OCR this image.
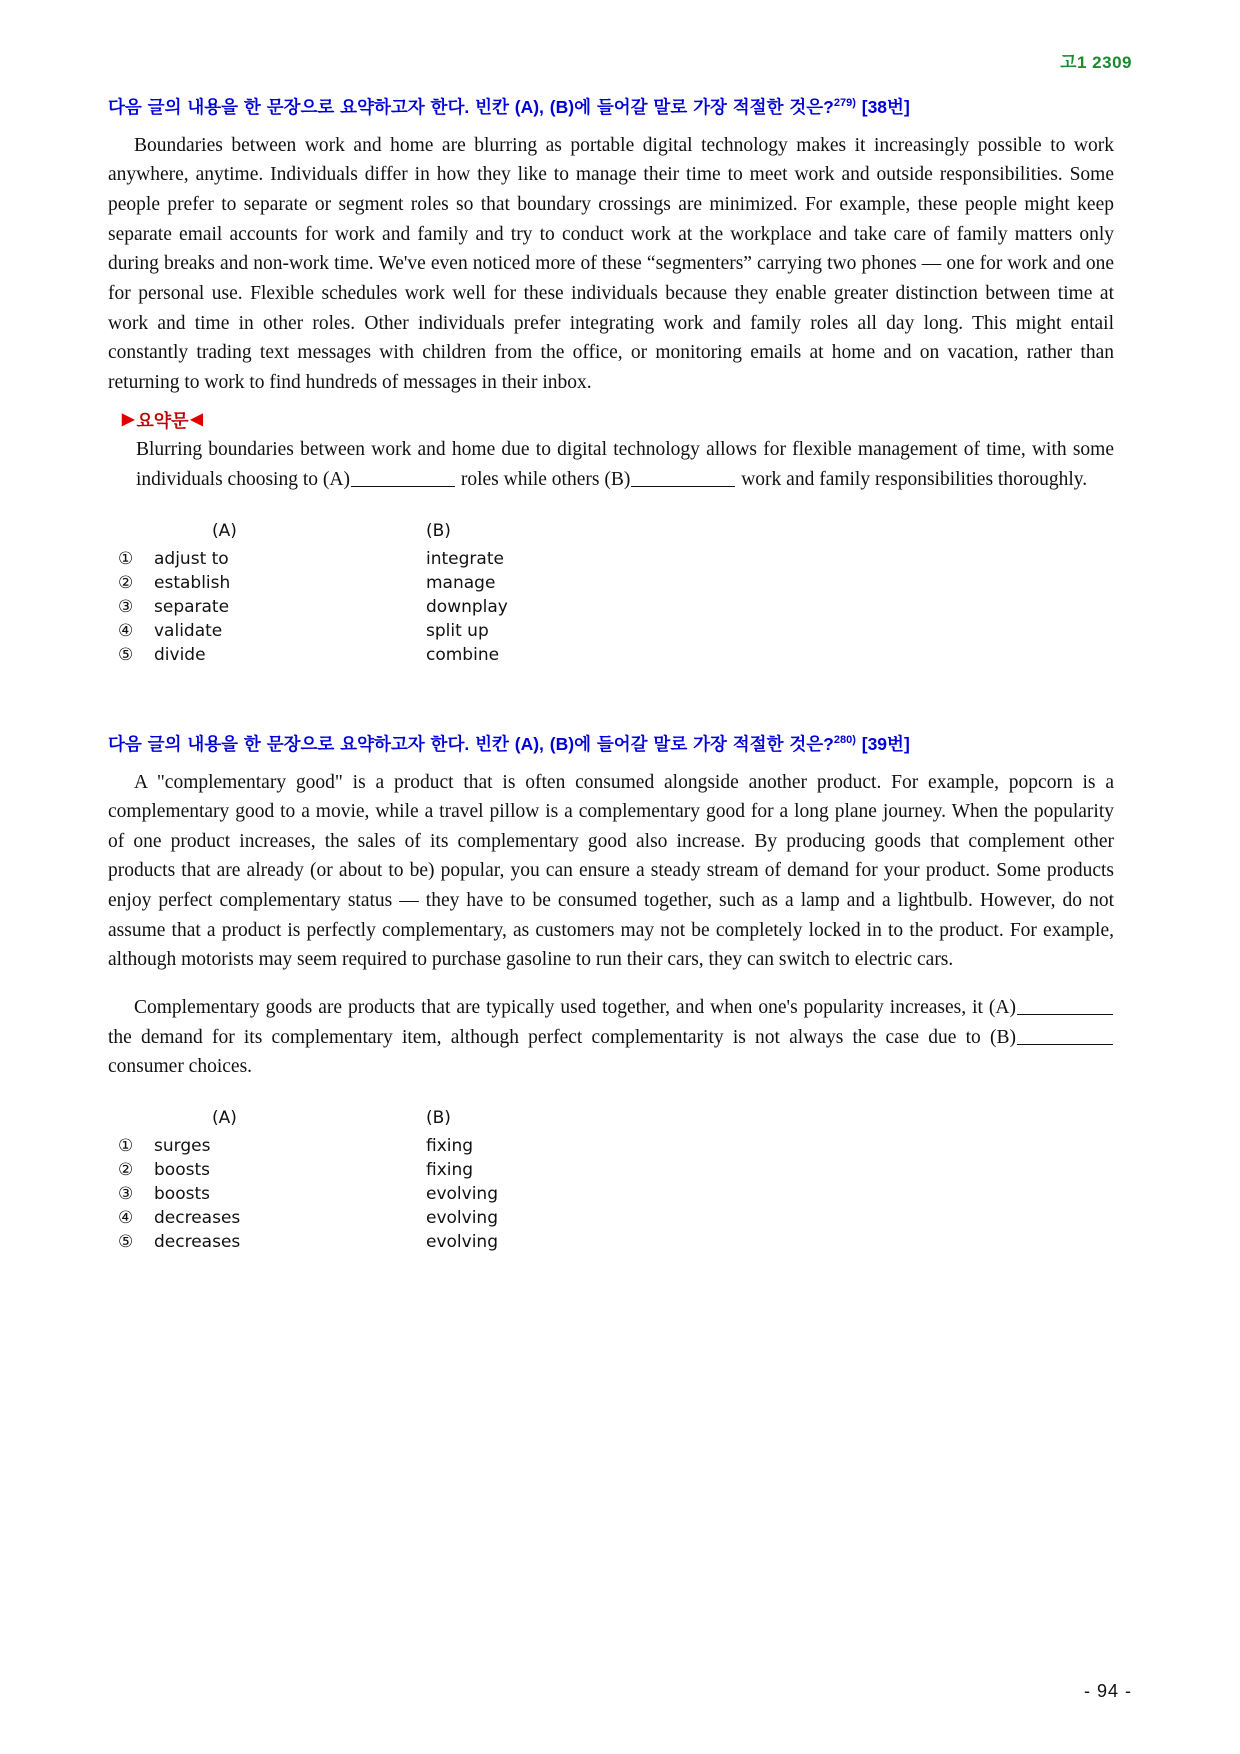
고1 2309
다음 글의 내용을 한 문장으로 요약하고자 한다. 빈칸 (A), (B)에 들어갈 말로 가장 적절한 것은?$^{279)}$ [38번]

Boundaries between work and home are blurring as portable digital technology makes it increasingly possible to work anywhere, anytime. Individuals differ in how they like to manage their time to meet work and outside responsibilities. Some people prefer to separate or segment roles so that boundary crossings are minimized. For example, these people might keep separate email accounts for work and family and try to conduct work at the workplace and take care of family matters only during breaks and non-work time. We've even noticed more of these “segmenters” carrying two phones — one for work and one for personal use. Flexible schedules work well for these individuals because they enable greater distinction between time at work and time in other roles. Other individuals prefer integrating work and family roles all day long. This might entail constantly trading text messages with children from the office, or monitoring emails at home and on vacation, rather than returning to work to find hundreds of messages in their inbox.

▶ 요약문 ◀

Blurring boundaries between work and home due to digital technology allows for flexible management of time, with some individuals choosing to (A)	roles while others (B)	work and family responsibilities thoroughly.

	(A)	(B)
①	adjust to	integrate
②	establish	manage
③	separate	downplay
④	validate	split up
⑤	divide	combine
다음 글의 내용을 한 문장으로 요약하고자 한다. 빈칸 (A), (B)에 들어갈 말로 가장 적절한 것은?$^{280)}$ [39번]

A "complementary good" is a product that is often consumed alongside another product. For example, popcorn is a complementary good to a movie, while a travel pillow is a complementary good for a long plane journey. When the popularity of one product increases, the sales of its complementary good also increase. By producing goods that complement other products that are already (or about to be) popular, you can ensure a steady stream of demand for your product. Some products enjoy perfect complementary status — they have to be consumed together, such as a lamp and a lightbulb. However, do not assume that a product is perfectly complementary, as customers may not be completely locked in to the product. For example, although motorists may seem required to purchase gasoline to run their cars, they can switch to electric cars.

Complementary goods are products that are typically used together, and when one's popularity increases, it (A) the demand for its complementary item, although perfect complementarity is not always the case due to (B) consumer choices.

	(A)	(B)
①	surges	fixing
②	boosts	fixing
③	boosts	evolving
④	decreases	evolving
⑤	decreases	evolving
- 94 -
